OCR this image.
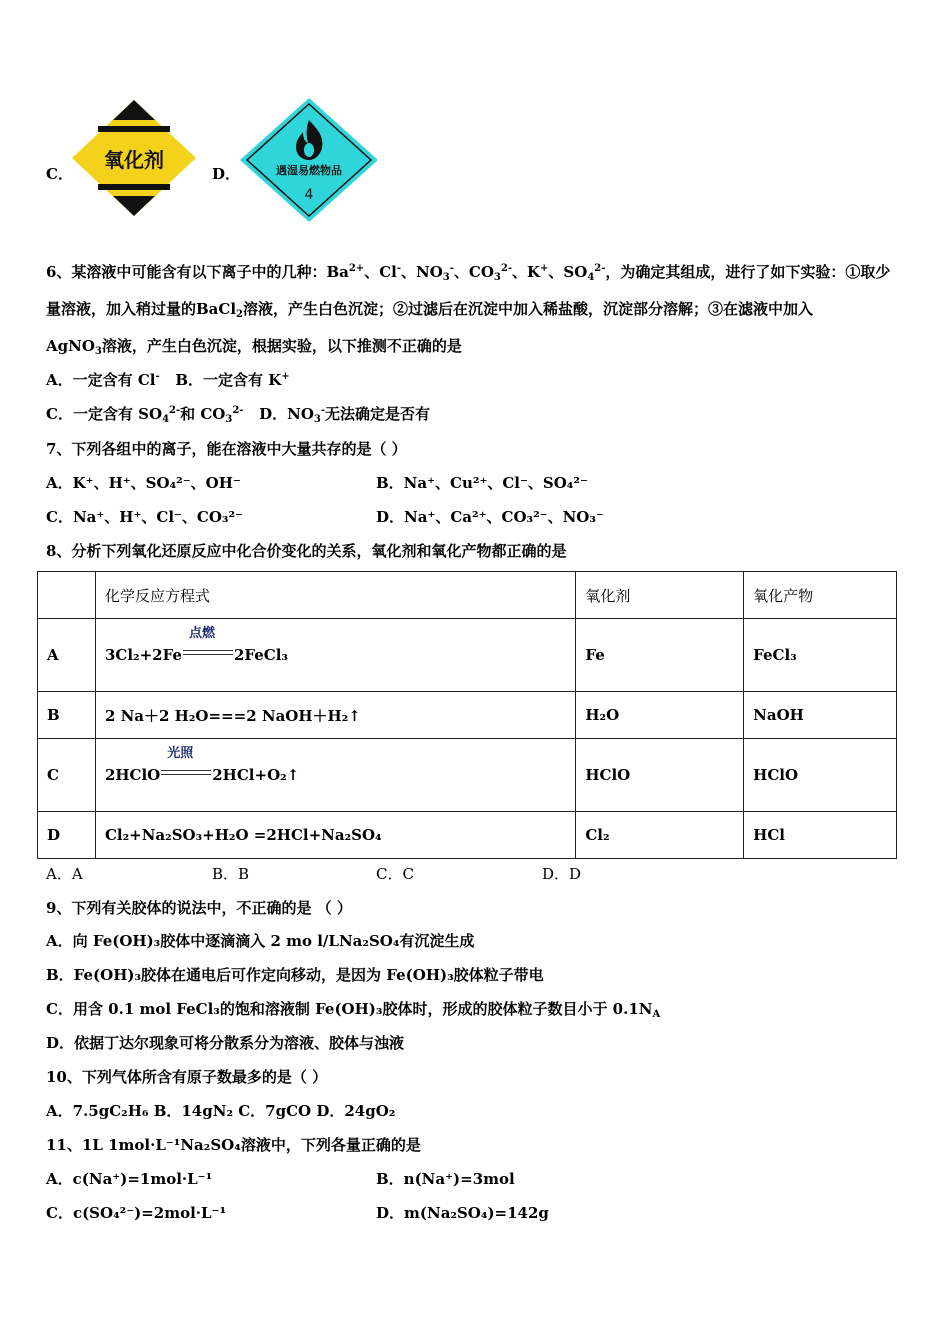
C．
氧化剂
D．	遇湿易燃物品
4
6、某溶液中可能含有以下离子中的几种：$Ba^{2+}$、Cl-、$NO_3^-$、$CO_3^{2-}$、K+、$SO_4^{2-}$，为确定其组成，进行了如下实验：①取少
量溶液，加入稍过量的BaCl$_2$溶液，产生白色沉淀；②过滤后在沉淀中加入稀盐酸，沉淀部分溶解；③在滤液中加入
AgNO$_3$溶液，产生白色沉淀，根据实验，以下推测不正确的是
A．一定含有 Cl- B．一定含有 K+
C．一定含有 $SO_4^{2-}$和 $CO_3^{2-}$ D．$NO_3^-$无法确定是否有
7、下列各组中的离子，能在溶液中大量共存的是（ ）
A．K⁺、H⁺、SO₄²⁻、OH⁻	B．Na⁺、Cu²⁺、Cl⁻、SO₄²⁻
C．Na⁺、H⁺、Cl⁻、CO₃²⁻	D．Na⁺、Ca²⁺、CO₃²⁻、NO₃⁻
8、分析下列氧化还原反应中化合价变化的关系，氧化剂和氧化产物都正确的是
	化学反应方程式	氧化剂	氧化产物
A	3Cl₂+2Fe
点燃
2FeCl₃	Fe	FeCl₃
B	2 Na＋2 H₂O===2 NaOH＋H₂↑	H₂O	NaOH
C	2HClO
光照
2HCl+O₂↑	HClO	HClO
D	Cl₂+Na₂SO₃+H₂O =2HCl+Na₂SO₄	Cl₂	HCl
A．A	B．B	C．C	D．D
9、下列有关胶体的说法中，不正确的是 （ ）
A．向 Fe(OH)₃胶体中逐滴滴入 2 mo l/LNa₂SO₄有沉淀生成
B．Fe(OH)₃胶体在通电后可作定向移动，是因为 Fe(OH)₃胶体粒子带电
C．用含 0.1 mol FeCl₃的饱和溶液制 Fe(OH)₃胶体时，形成的胶体粒子数目小于 $0.1N_A$
D．依据丁达尔现象可将分散系分为溶液、胶体与浊液
10、下列气体所含有原子数最多的是（ ）
A．7.5gC₂H₆ B．14gN₂ C．7gCO D．24gO₂
11、1L 1mol·L⁻¹Na₂SO₄溶液中，下列各量正确的是
A．c(Na⁺)=1mol·L⁻¹	B．n(Na⁺)=3mol
C．c(SO₄²⁻)=2mol·L⁻¹	D．m(Na₂SO₄)=142g
